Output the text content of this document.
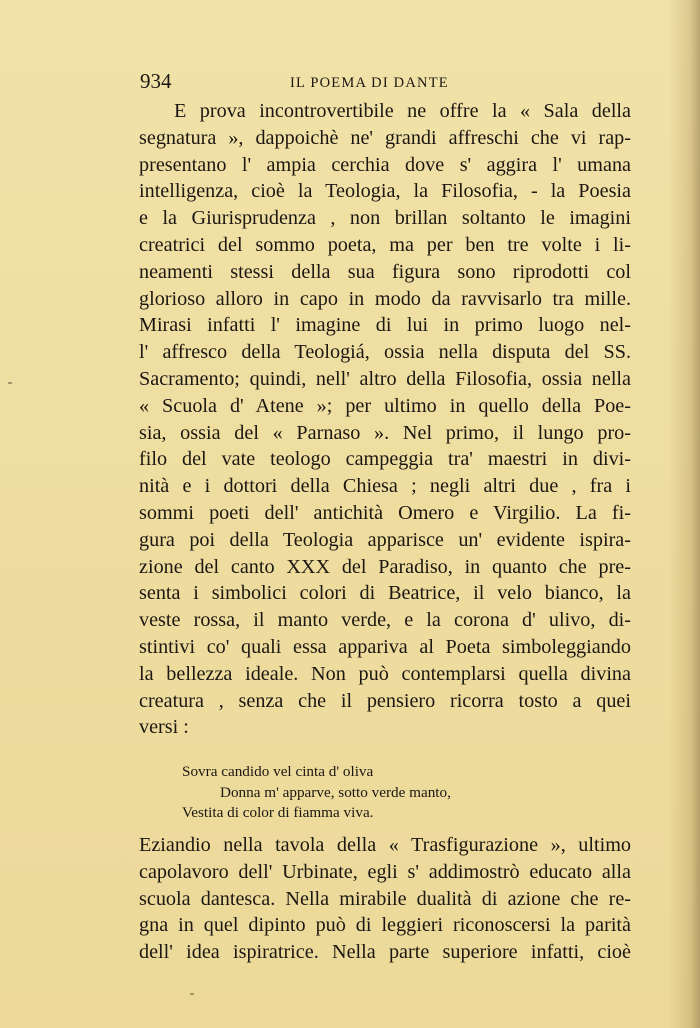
934	IL POEMA DI DANTE
E prova incontrovertibile ne offre la « Sala della
segnatura », dappoichè ne' grandi affreschi che vi rap-
presentano l' ampia cerchia dove s' aggira l' umana
intelligenza, cioè la Teologia, la Filosofia, - la Poesia
e la Giurisprudenza , non brillan soltanto le imagini
creatrici del sommo poeta, ma per ben tre volte i li-
neamenti stessi della sua figura sono riprodotti col
glorioso alloro in capo in modo da ravvisarlo tra mille.
Mirasi infatti l' imagine di lui in primo luogo nel-
l' affresco della Teologiá, ossia nella disputa del SS.
Sacramento; quindi, nell' altro della Filosofia, ossia nella
« Scuola d' Atene »; per ultimo in quello della Poe-
sia, ossia del « Parnaso ». Nel primo, il lungo pro-
filo del vate teologo campeggia tra' maestri in divi-
nità e i dottori della Chiesa ; negli altri due , fra i
sommi poeti dell' antichità Omero e Virgilio. La fi-
gura poi della Teologia apparisce un' evidente ispira-
zione del canto XXX del Paradiso, in quanto che pre-
senta i simbolici colori di Beatrice, il velo bianco, la
veste rossa, il manto verde, e la corona d' ulivo, di-
stintivi co' quali essa appariva al Poeta simboleggiando
la bellezza ideale. Non può contemplarsi quella divina
creatura , senza che il pensiero ricorra tosto a quei
versi :
Sovra candido vel cinta d' oliva
Donna m' apparve, sotto verde manto,
Vestita di color di fiamma viva.
Eziandio nella tavola della « Trasfigurazione », ultimo
capolavoro dell' Urbinate, egli s' addimostrò educato alla
scuola dantesca. Nella mirabile dualità di azione che re-
gna in quel dipinto può di leggieri riconoscersi la parità
dell' idea ispiratrice. Nella parte superiore infatti, cioè
